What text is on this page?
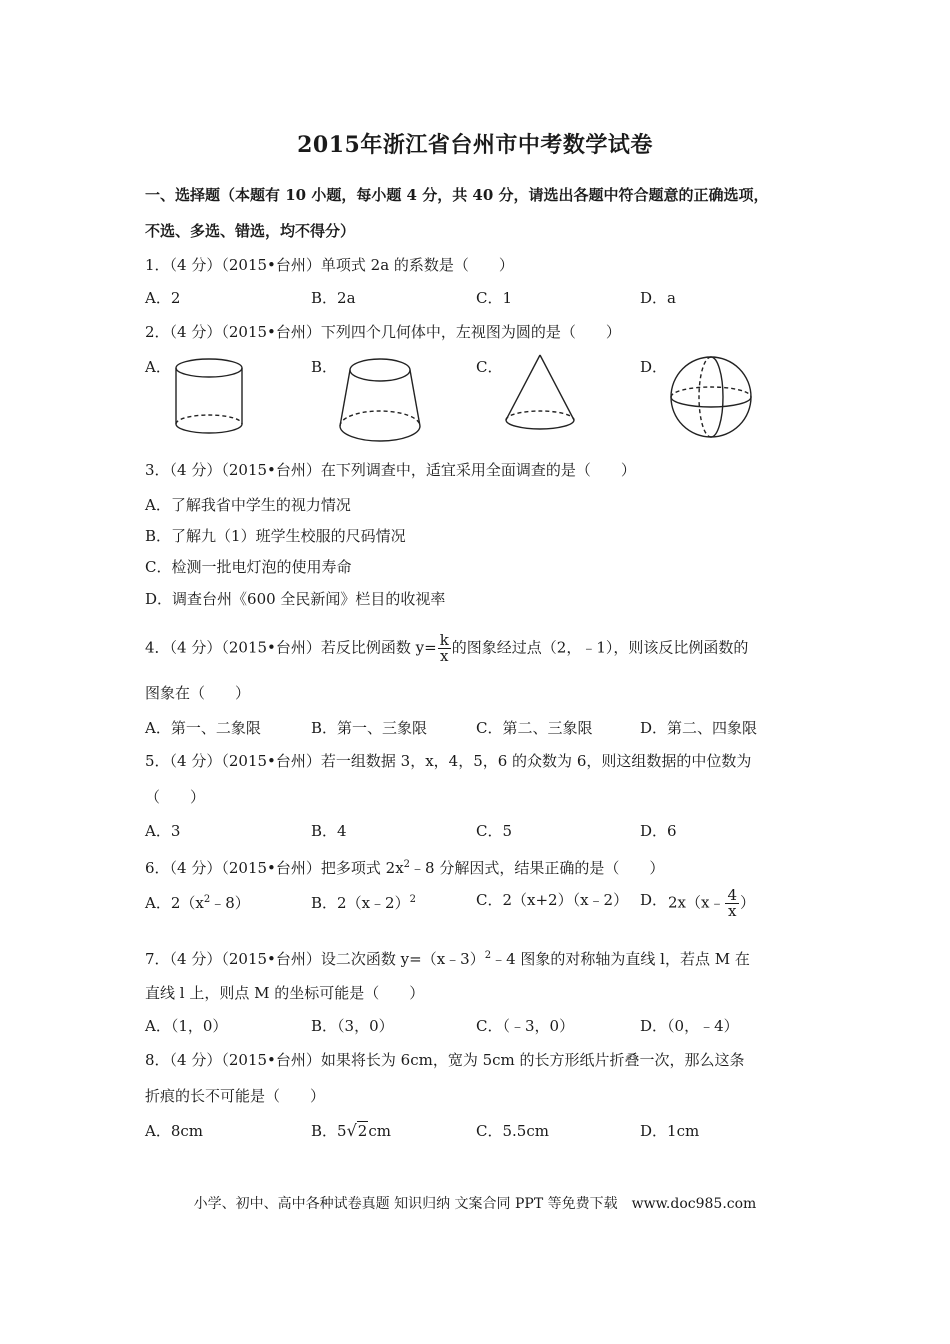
2015年浙江省台州市中考数学试卷
一、选择题（本题有 10 小题，每小题 4 分，共 40 分，请选出各题中符合题意的正确选项，
不选、多选、错选，均不得分）
1．（4 分）（2015•台州）单项式 2a 的系数是（　　）
A．2	B．2a	C．1	D．a
2．（4 分）（2015•台州）下列四个几何体中，左视图为圆的是（　　）
A．	B．	C．	D．
3．（4 分）（2015•台州）在下列调查中，适宜采用全面调查的是（　　）
A．了解我省中学生的视力情况
B．了解九（1）班学生校服的尺码情况
C．检测一批电灯泡的使用寿命
D．调查台州《600 全民新闻》栏目的收视率
4．（4 分）（2015•台州）若反比例函数 $y= \frac{k}{x}$ 的图象经过点（2，﹣1），则该反比例函数的
图象在（　　）
A．第一、二象限	B．第一、三象限	C．第二、三象限	D．第二、四象限
5．（4 分）（2015•台州）若一组数据 3，x，4，5，6 的众数为 6，则这组数据的中位数为
（　　）
A．3	B．4	C．5	D．6
6．（4 分）（2015•台州）把多项式 $2x^2﹣8$ 分解因式，结果正确的是（　　）
A．$2(x^2﹣8)$	B．2（x﹣2）$^2$	C．2（x+2）（x﹣2） D． 2x（x﹣ $\frac{4}{x}$ ）
7．（4 分）（2015•台州）设二次函数 y=（x﹣3）$^2$﹣4 图象的对称轴为直线 l，若点 M 在
直线 l 上，则点 M 的坐标可能是（　　）
A．（1，0）	B．（3，0）	C．（﹣3，0）	D．（0，﹣4）
8．（4 分）（2015•台州）如果将长为 6cm，宽为 5cm 的长方形纸片折叠一次，那么这条
折痕的长不可能是（　　）
A．8cm	B．5√2cm	C．5.5cm	D．1cm
小学、初中、高中各种试卷真题 知识归纳 文案合同 PPT 等免费下载　www.doc985.com
